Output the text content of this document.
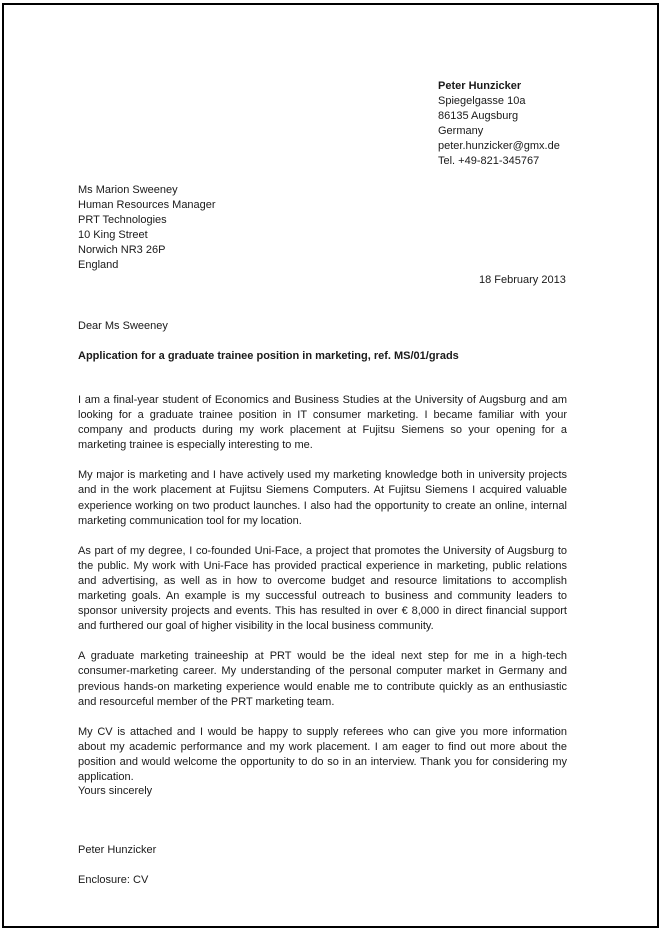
Peter Hunzicker
Spiegelgasse 10a
86135 Augsburg
Germany
peter.hunzicker@gmx.de
Tel. +49-821-345767
Ms Marion Sweeney
Human Resources Manager
PRT Technologies
10 King Street
Norwich NR3 26P
England
18 February 2013
Dear Ms Sweeney
Application for a graduate trainee position in marketing, ref. MS/01/grads

I am a final-year student of Economics and Business Studies at the University of Augsburg and am looking for a graduate trainee position in IT consumer marketing. I became familiar with your company and products during my work placement at Fujitsu Siemens so your opening for a marketing trainee is especially interesting to me.

My major is marketing and I have actively used my marketing knowledge both in university projects and in the work placement at Fujitsu Siemens Computers. At Fujitsu Siemens I acquired valuable experience working on two product launches. I also had the opportunity to create an online, internal marketing communication tool for my location.

As part of my degree, I co-founded Uni-Face, a project that promotes the University of Augsburg to the public. My work with Uni-Face has provided practical experience in marketing, public relations and advertising, as well as in how to overcome budget and resource limitations to accomplish marketing goals. An example is my successful outreach to business and community leaders to sponsor university projects and events. This has resulted in over € 8,000 in direct financial support and furthered our goal of higher visibility in the local business community.

A graduate marketing traineeship at PRT would be the ideal next step for me in a high-tech consumer-marketing career. My understanding of the personal computer market in Germany and previous hands-on marketing experience would enable me to contribute quickly as an enthusiastic and resourceful member of the PRT marketing team.

My CV is attached and I would be happy to supply referees who can give you more information about my academic performance and my work placement. I am eager to find out more about the position and would welcome the opportunity to do so in an interview. Thank you for considering my application.

Yours sincerely
Peter Hunzicker
Enclosure: CV
